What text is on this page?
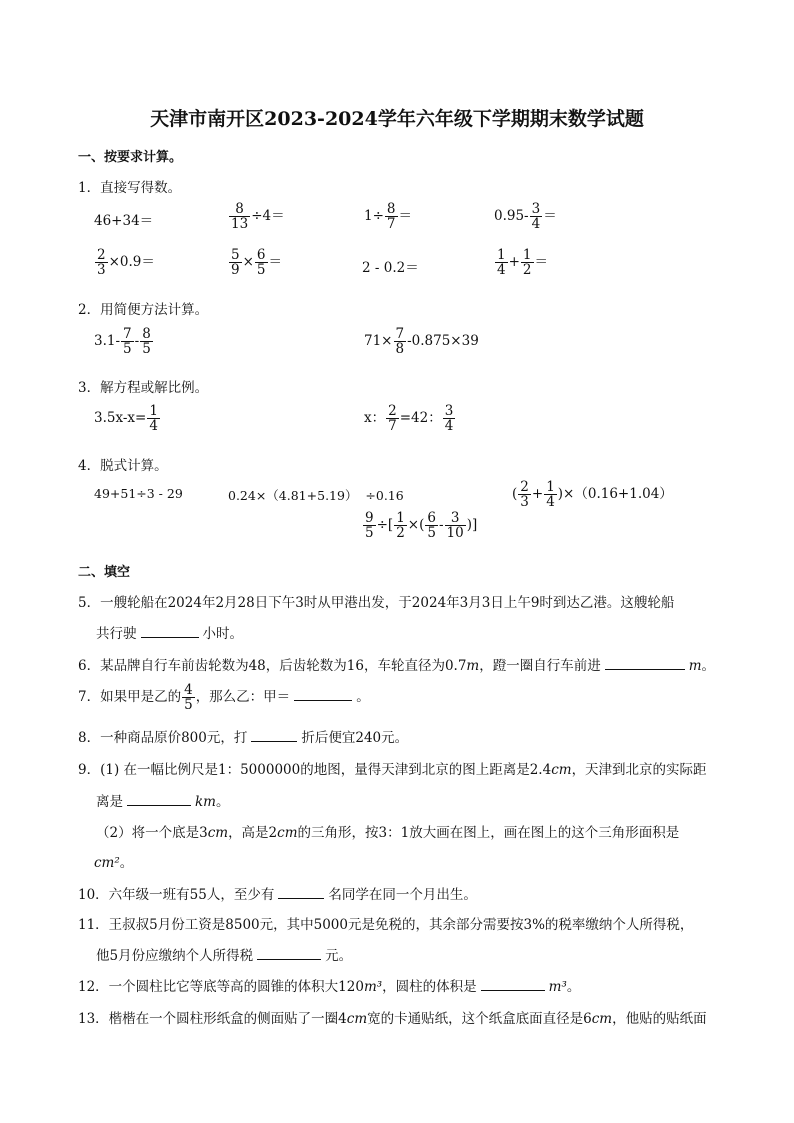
天津市南开区2023-2024学年六年级下学期期末数学试题
一、按要求计算。
1．直接写得数。
46+34＝	$\frac{8}{13} \div 4=$	$1\div \frac{8}{7}$ ＝	$0.95- \frac{3}{4}$ ＝
$\frac{2}{3} \times 0.9=$	$\frac{5}{9} \times \frac{6}{5}$ ＝	2 - 0.2＝	$\frac{1}{4} + \frac{1}{2}$ ＝
2．用简便方法计算。
$3.1- \frac{7}{5} - \frac{8}{5}$	$71\times \frac{7}{8} -0.875\times 39$
3．解方程或解比例。
$3.5x-x= \frac{1}{4}$	x： $\frac{2}{7} =42$： $\frac{3}{4}$
4．脱式计算。
49+51÷3 - 29	0.24×（4.81+5.19）  ÷0.16	( $\frac{2}{3} + \frac{1}{4} )\times(0.16+1.04)$
$\frac{9}{5}$ ÷[ $\frac{1}{2}$ ×( $\frac{6}{5} - \frac{3}{10}$ )]
二、填空
5．一艘轮船在2024年2月28日下午3时从甲港出发，于2024年3月3日上午9时到达乙港。这艘轮船
共行驶	小时。
6．某品牌自行车前齿轮数为48，后齿轮数为16，车轮直径为0.7m，蹬一圈自行车前进	m。
7．如果甲是乙的 $\frac{4}{5}$ ，那么乙：甲＝	。
8．一种商品原价800元，打	折后便宜240元。
9．(1) 在一幅比例尺是1：5000000的地图，量得天津到北京的图上距离是2.4cm，天津到北京的实际距
离是	km。
（2）将一个底是3cm，高是2cm的三角形，按3：1放大画在图上，画在图上的这个三角形面积是
cm²。
10．六年级一班有55人，至少有	名同学在同一个月出生。
11．王叔叔5月份工资是8500元，其中5000元是免税的，其余部分需要按3%的税率缴纳个人所得税，
他5月份应缴纳个人所得税	元。
12．一个圆柱比它等底等高的圆锥的体积大120m³，圆柱的体积是	m³。
13．楷楷在一个圆柱形纸盒的侧面贴了一圈4cm宽的卡通贴纸，这个纸盒底面直径是6cm，他贴的贴纸面
